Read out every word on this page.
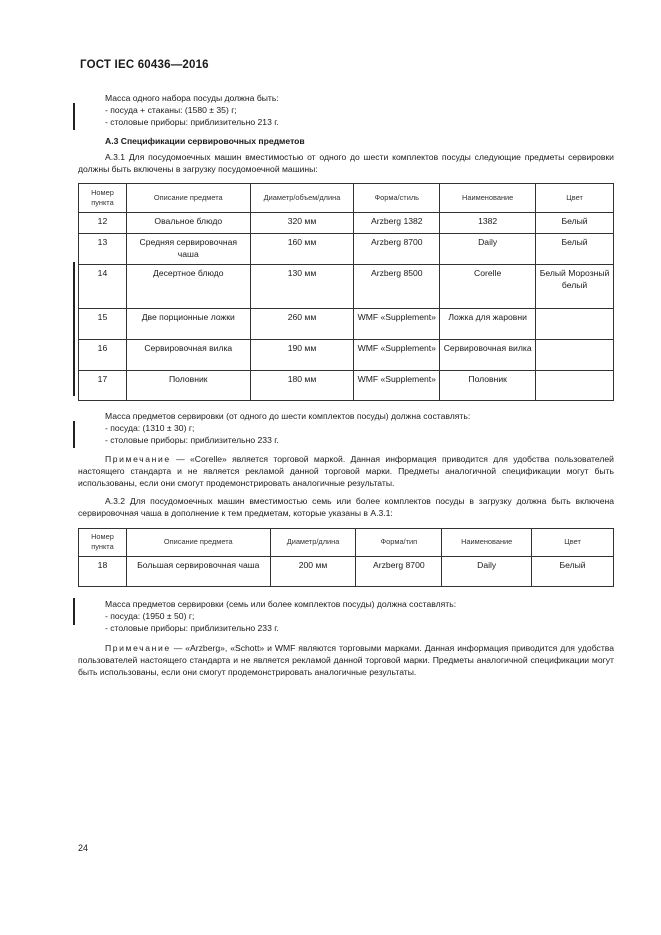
ГОСТ IEC 60436—2016

Масса одного набора посуды должна быть:

- посуда + стаканы: (1580 ± 35) г;

- столовые приборы: приблизительно 213 г.

А.3 Спецификации сервировочных предметов

А.3.1 Для посудомоечных машин вместимостью от одного до шести комплектов посуды следующие предметы сервировки должны быть включены в загрузку посудомоечной машины:

Номер пункта	Описание предмета	Диаметр/объем/длина	Форма/стиль	Наименование	Цвет
12	Овальное блюдо	320 мм	Arzberg 1382	1382	Белый
13	Средняя сервировочная чаша	160 мм	Arzberg 8700	Daily	Белый
14	Десертное блюдо	130 мм	Arzberg 8500	Corelle	Белый Морозный белый
15	Две порционные ложки	260 мм	WMF «Supplement»	Ложка для жаровни	
16	Сервировочная вилка	190 мм	WMF «Supplement»	Сервировочная вилка	
17	Половник	180 мм	WMF «Supplement»	Половник	

Масса предметов сервировки (от одного до шести комплектов посуды) должна составлять:

- посуда: (1310 ± 30) г;

- столовые приборы: приблизительно 233 г.

Примечание — «Corelle» является торговой маркой. Данная информация приводится для удобства пользователей настоящего стандарта и не является рекламой данной торговой марки. Предметы аналогичной спецификации могут быть использованы, если они смогут продемонстрировать аналогичные результаты.

А.3.2 Для посудомоечных машин вместимостью семь или более комплектов посуды в загрузку должна быть включена сервировочная чаша в дополнение к тем предметам, которые указаны в А.3.1:

Номер пункта	Описание предмета	Диаметр/длина	Форма/тип	Наименование	Цвет
18	Большая сервировочная чаша	200 мм	Arzberg 8700	Daily	Белый

Масса предметов сервировки (семь или более комплектов посуды) должна составлять:

- посуда: (1950 ± 50) г;

- столовые приборы: приблизительно 233 г.

Примечание — «Arzberg», «Schott» и WMF являются торговыми марками. Данная информация приводится для удобства пользователей настоящего стандарта и не является рекламой данной торговой марки. Предметы аналогичной спецификации могут быть использованы, если они смогут продемонстрировать аналогичные результаты.

24
